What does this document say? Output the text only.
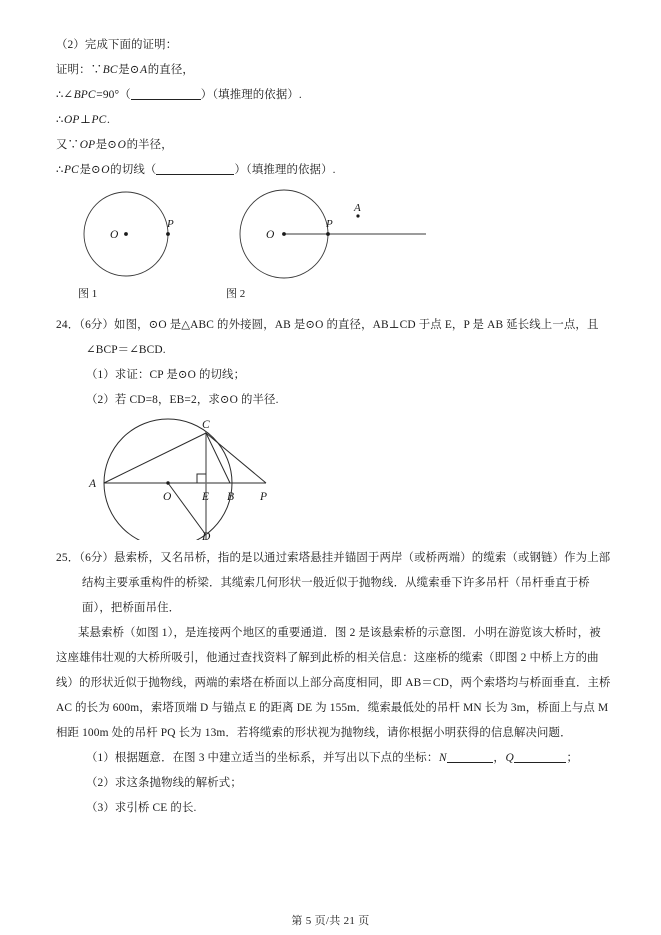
（2）完成下面的证明：
证明：∵BC是⊙A的直径，
∴∠BPC=90°（	）（填推理的依据）.
∴OP⊥PC.
又∵OP是⊙O的半径，
∴PC是⊙O的切线（	）（填推理的依据）.
O
P
图 1
O
P
A
图 2
24．（6分）如图，⊙O 是△ABC 的外接圆，AB 是⊙O 的直径，AB⊥CD 于点 E，P 是 AB 延长线上一点，且
∠BCP＝∠BCD.
（1）求证：CP 是⊙O 的切线；
（2）若 CD=8，EB=2，求⊙O 的半径.
A
O	E B P
C
D
25．（6分）悬索桥，又名吊桥，指的是以通过索塔悬挂并锚固于两岸（或桥两端）的缆索（或钢链）作为上部结构主要承重构件的桥梁．其缆索几何形状一般近似于抛物线．从缆索垂下许多吊杆（吊杆垂直于桥面），把桥面吊住．
某悬索桥（如图 1），是连接两个地区的重要通道．图 2 是该悬索桥的示意图．小明在游览该大桥时，被这座雄伟壮观的大桥所吸引，他通过查找资料了解到此桥的相关信息：这座桥的缆索（即图 2 中桥上方的曲线）的形状近似于抛物线，两端的索塔在桥面以上部分高度相同，即 AB＝CD，两个索塔均与桥面垂直．主桥 AC 的长为 600m，索塔顶端 D 与锚点 E 的距离 DE 为 155m．缆索最低处的吊杆 MN 长为 3m，桥面上与点 M 相距 100m 处的吊杆 PQ 长为 13m．若将缆索的形状视为抛物线，请你根据小明获得的信息解决问题．
（1）根据题意．在图 3 中建立适当的坐标系，并写出以下点的坐标：N	，Q	；
（2）求这条抛物线的解析式；
（3）求引桥 CE 的长.
第 5 页/共 21 页
